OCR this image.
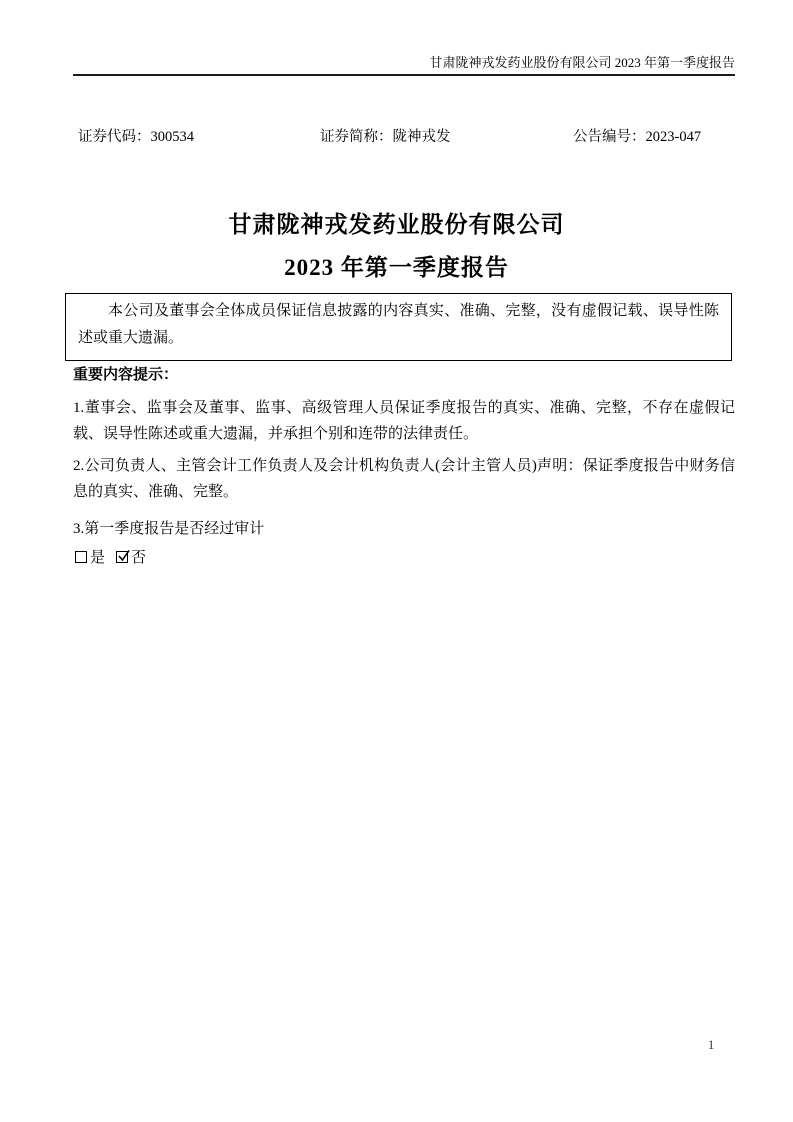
甘肃陇神戎发药业股份有限公司 2023 年第一季度报告
证券代码：300534	证券简称：陇神戎发	公告编号：2023-047
甘肃陇神戎发药业股份有限公司
2023 年第一季度报告
本公司及董事会全体成员保证信息披露的内容真实、准确、完整，没有虚假记载、误导性陈述或重大遗漏。
重要内容提示：
1.董事会、监事会及董事、监事、高级管理人员保证季度报告的真实、准确、完整，不存在虚假记载、误导性陈述或重大遗漏，并承担个别和连带的法律责任。
2.公司负责人、主管会计工作负责人及会计机构负责人(会计主管人员)声明：保证季度报告中财务信息的真实、准确、完整。
3.第一季度报告是否经过审计
是 否
1
